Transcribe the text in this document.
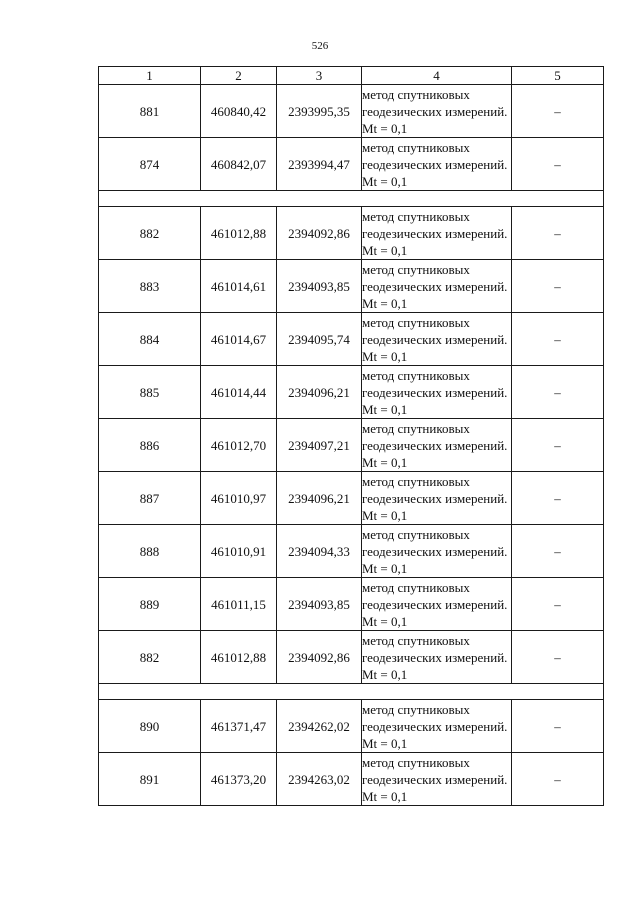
526
1	2	3	4	5
881	460840,42	2393995,35	метод спутниковых геодезических измерений. Mt = 0,1	–
874	460842,07	2393994,47	метод спутниковых геодезических измерений. Mt = 0,1	–

882	461012,88	2394092,86	метод спутниковых геодезических измерений. Mt = 0,1	–
883	461014,61	2394093,85	метод спутниковых геодезических измерений. Mt = 0,1	–
884	461014,67	2394095,74	метод спутниковых геодезических измерений. Mt = 0,1	–
885	461014,44	2394096,21	метод спутниковых геодезических измерений. Mt = 0,1	–
886	461012,70	2394097,21	метод спутниковых геодезических измерений. Mt = 0,1	–
887	461010,97	2394096,21	метод спутниковых геодезических измерений. Mt = 0,1	–
888	461010,91	2394094,33	метод спутниковых геодезических измерений. Mt = 0,1	–
889	461011,15	2394093,85	метод спутниковых геодезических измерений. Mt = 0,1	–
882	461012,88	2394092,86	метод спутниковых геодезических измерений. Mt = 0,1	–

890	461371,47	2394262,02	метод спутниковых геодезических измерений. Mt = 0,1	–
891	461373,20	2394263,02	метод спутниковых геодезических измерений. Mt = 0,1	–
